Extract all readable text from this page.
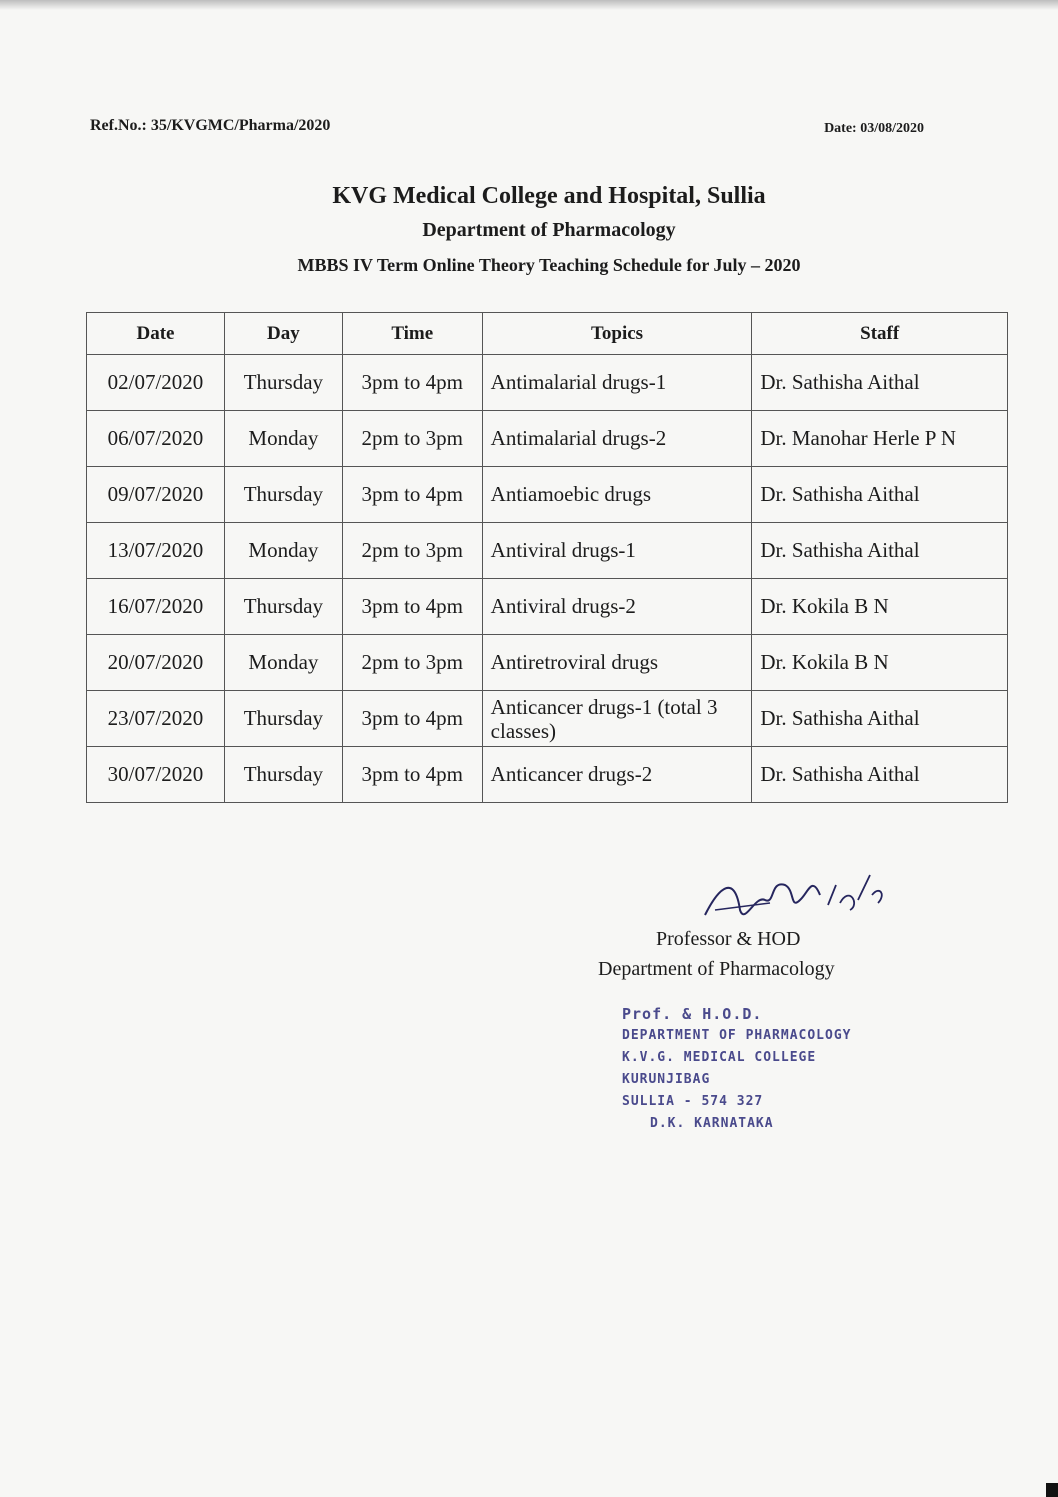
Ref.No.: 35/KVGMC/Pharma/2020	Date: 03/08/2020
KVG Medical College and Hospital, Sullia
Department of Pharmacology
MBBS IV Term Online Theory Teaching Schedule for July – 2020
Date	Day	Time	Topics	Staff
02/07/2020	Thursday	3pm to 4pm	Antimalarial drugs-1	Dr. Sathisha Aithal
06/07/2020	Monday	2pm to 3pm	Antimalarial drugs-2	Dr. Manohar Herle P N
09/07/2020	Thursday	3pm to 4pm	Antiamoebic drugs	Dr. Sathisha Aithal
13/07/2020	Monday	2pm to 3pm	Antiviral drugs-1	Dr. Sathisha Aithal
16/07/2020	Thursday	3pm to 4pm	Antiviral drugs-2	Dr. Kokila B N
20/07/2020	Monday	2pm to 3pm	Antiretroviral drugs	Dr. Kokila B N
23/07/2020	Thursday	3pm to 4pm	Anticancer drugs-1 (total 3 classes)	Dr. Sathisha Aithal
30/07/2020	Thursday	3pm to 4pm	Anticancer drugs-2	Dr. Sathisha Aithal
Professor & HOD
Department of Pharmacology
Prof. & H.O.D.
DEPARTMENT OF PHARMACOLOGY
K.V.G. MEDICAL COLLEGE
KURUNJIBAG
SULLIA - 574 327
D.K. KARNATAKA
